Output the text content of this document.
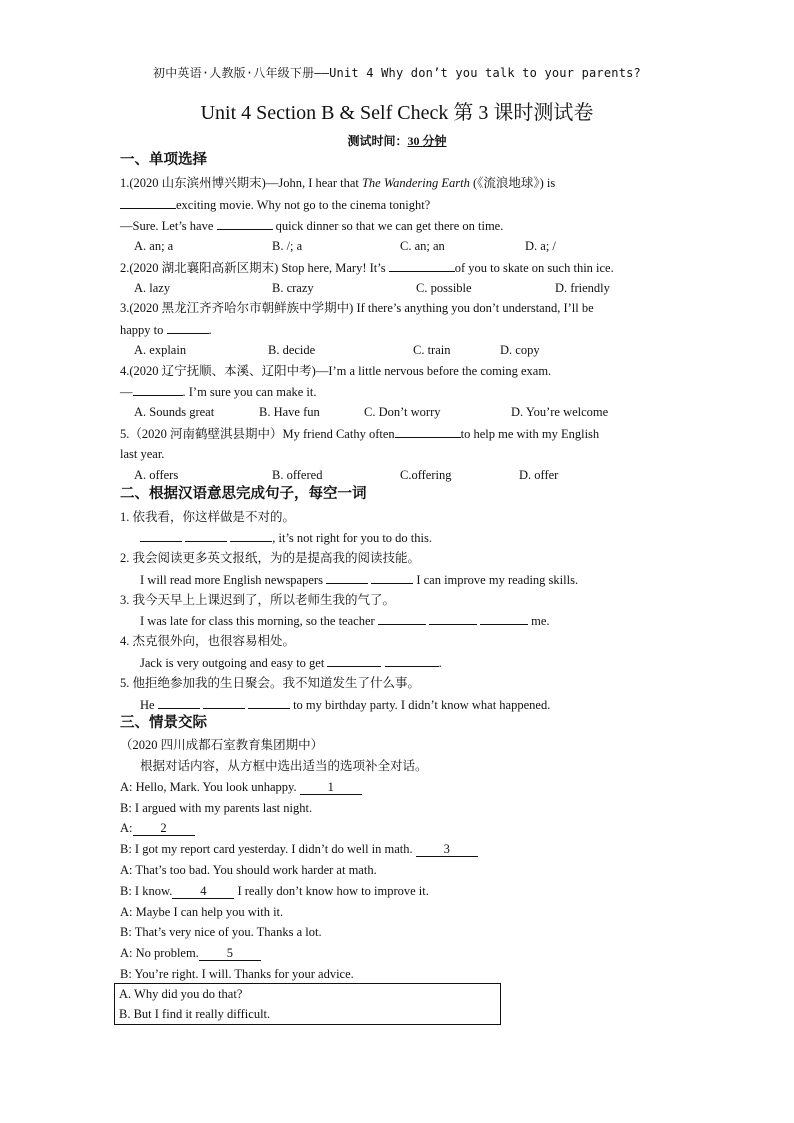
初中英语·人教版·八年级下册——Unit 4 Why don’t you talk to your parents?
Unit 4 Section B & Self Check 第 3 课时测试卷
测试时间：30 分钟
一、单项选择
1.(2020 山东滨州博兴期末)—John, I hear that The Wandering Earth (《流浪地球》) is
exciting movie. Why not go to the cinema tonight?
—Sure. Let’s have	quick dinner so that we can get there on time.
A. an; a	B. /; a	C. an; an	D. a; /
2.(2020 湖北襄阳高新区期末) Stop here, Mary! It’s	of you to skate on such thin ice.
A. lazy	B. crazy	C. possible	D. friendly
3.(2020 黑龙江齐齐哈尔市朝鲜族中学期中) If there’s anything you don’t understand, I’ll be
happy to	.
A. explain	B. decide	C. train	D. copy
4.(2020 辽宁抚顺、本溪、辽阳中考)—I’m a little nervous before the coming exam.
—	. I’m sure you can make it.
A. Sounds great	B. Have fun	C. Don’t worry	D. You’re welcome
5.（2020 河南鹤壁淇县期中）My friend Cathy often	to help me with my English
last year.
A. offers	B. offered	C.offering	D. offer
二、根据汉语意思完成句子，每空一词
1. 依我看，你这样做是不对的。
, it’s not right for you to do this.
2. 我会阅读更多英文报纸，为的是提高我的阅读技能。
I will read more English newspapers	I can improve my reading skills.
3. 我今天早上上课迟到了，所以老师生我的气了。
I was late for class this morning, so the teacher	me.
4. 杰克很外向，也很容易相处。
Jack is very outgoing and easy to get	.
5. 他拒绝参加我的生日聚会。我不知道发生了什么事。
He	to my birthday party. I didn’t know what happened.
三、情景交际
（2020 四川成都石室教育集团期中）
根据对话内容，从方框中选出适当的选项补全对话。
A: Hello, Mark. You look unhappy. 1
B: I argued with my parents last night.
A: 2
B: I got my report card yesterday. I didn’t do well in math. 3
A: That’s too bad. You should work harder at math.
B: I know. 4 I really don’t know how to improve it.
A: Maybe I can help you with it.
B: That’s very nice of you. Thanks a lot.
A: No problem. 5
B: You’re right. I will. Thanks for your advice.
A. Why did you do that?
B. But I find it really difficult.
